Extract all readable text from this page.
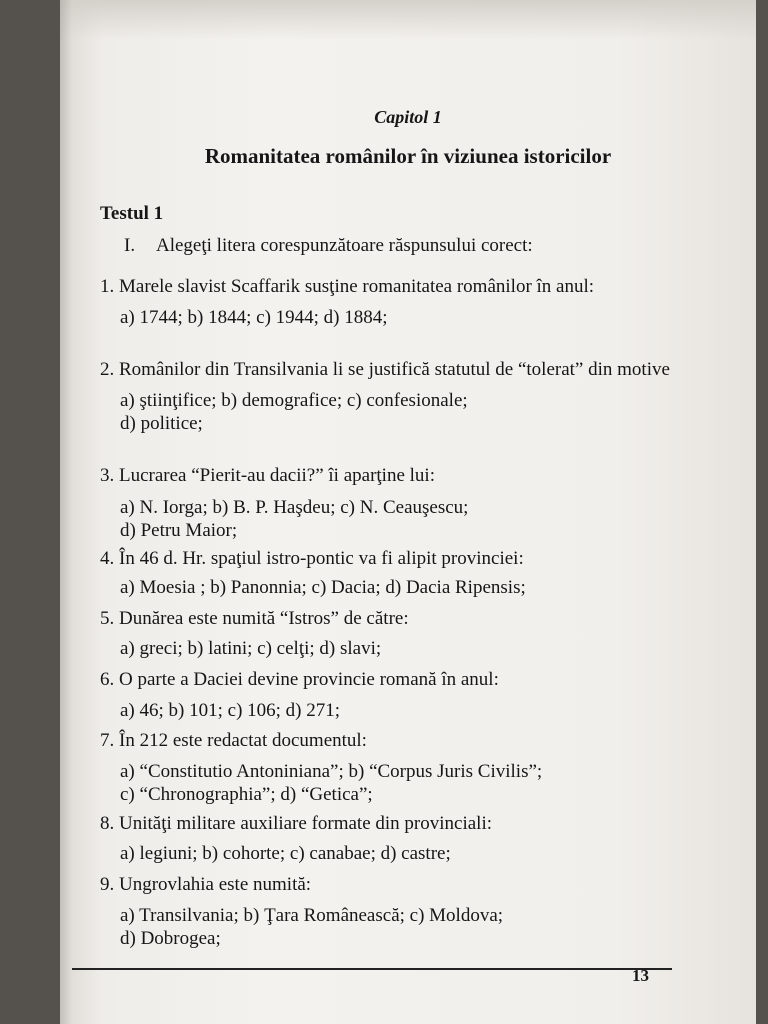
Capitol 1
Romanitatea românilor în viziunea istoricilor
Testul 1
I. Alegeţi litera corespunzătoare răspunsului corect:
1. Marele slavist Scaffarik susţine romanitatea românilor în anul:
a) 1744; b) 1844; c) 1944; d) 1884;
2. Românilor din Transilvania li se justifică statutul de “tolerat” din motive
a) ştiinţifice; b) demografice; c) confesionale;
d) politice;
3. Lucrarea “Pierit-au dacii?” îi aparţine lui:
a) N. Iorga; b) B. P. Haşdeu; c) N. Ceauşescu;
d) Petru Maior;
4. În 46 d. Hr. spaţiul istro-pontic va fi alipit provinciei:
a) Moesia ; b) Panonnia; c) Dacia; d) Dacia Ripensis;
5. Dunărea este numită “Istros” de către:
a) greci; b) latini; c) celţi; d) slavi;
6. O parte a Daciei devine provincie romană în anul:
a) 46; b) 101; c) 106; d) 271;
7. În 212 este redactat documentul:
a) “Constitutio Antoniniana”; b) “Corpus Juris Civilis”;
c) “Chronographia”; d) “Getica”;
8. Unităţi militare auxiliare formate din provinciali:
a) legiuni; b) cohorte; c) canabae; d) castre;
9. Ungrovlahia este numită:
a) Transilvania; b) Ţara Românească; c) Moldova;
d) Dobrogea;
13
